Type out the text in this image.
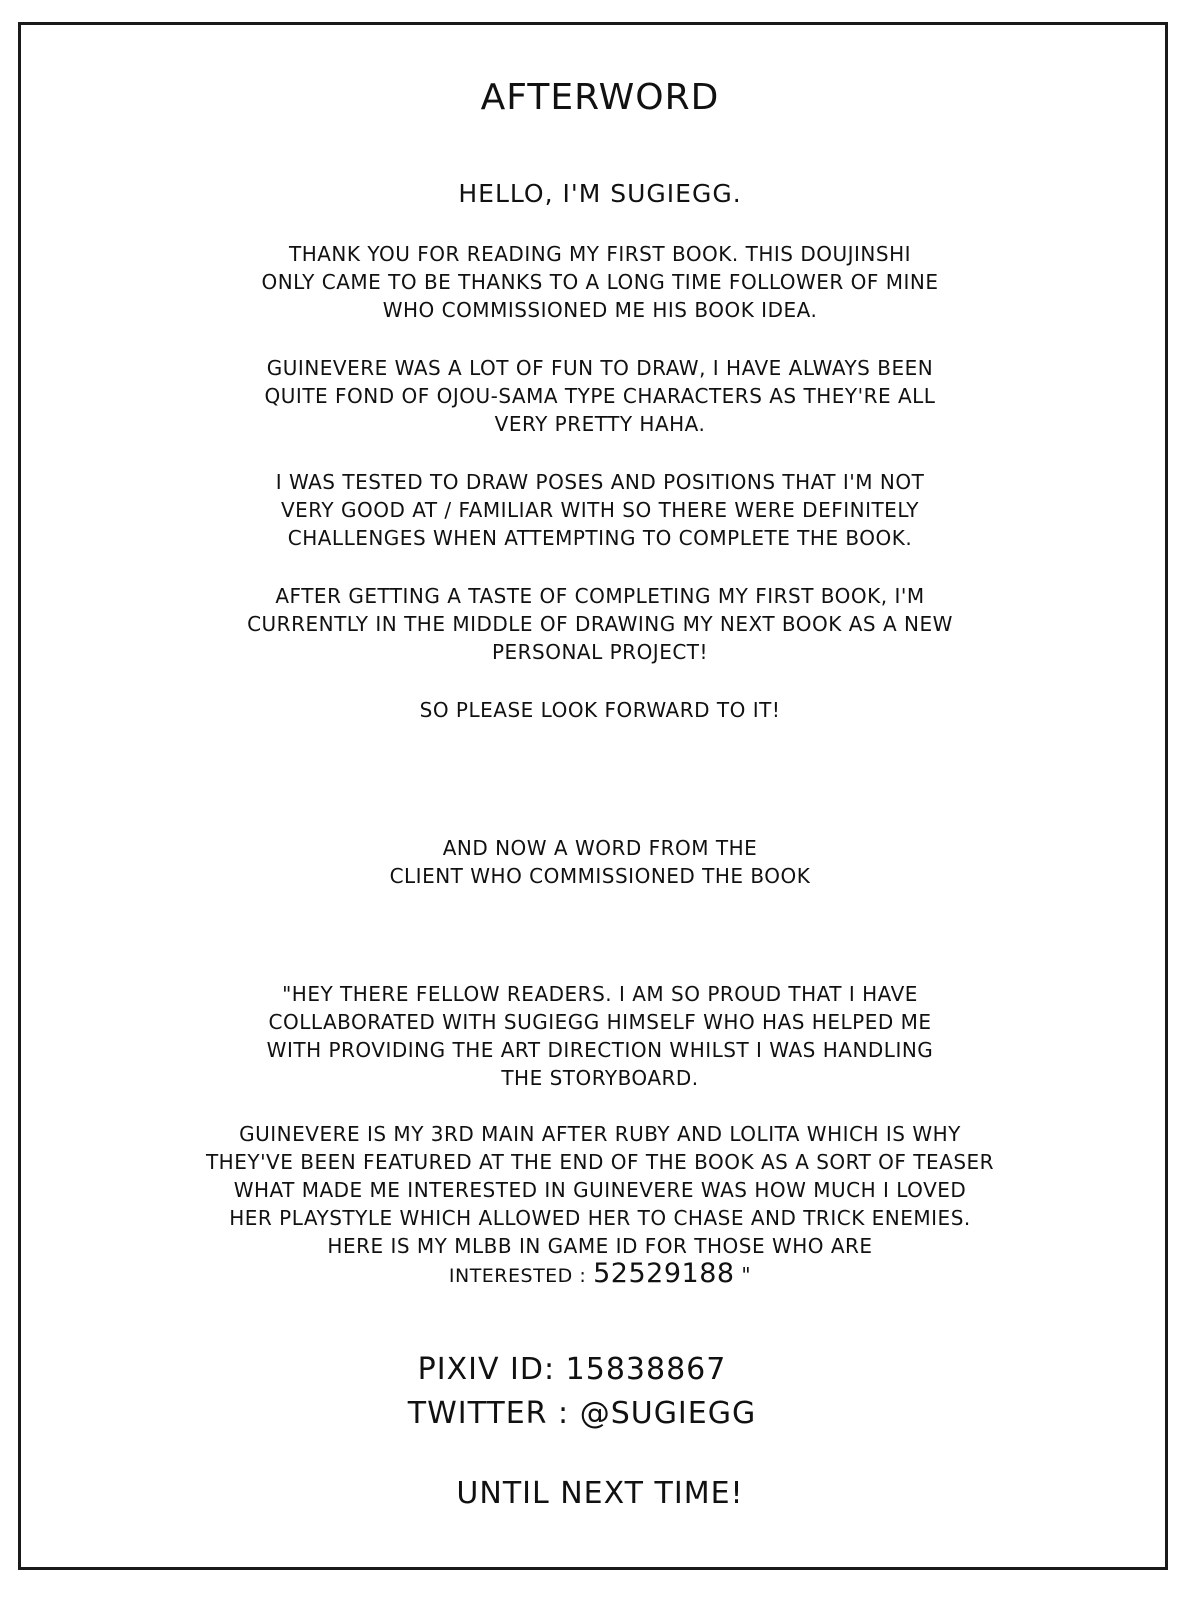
AFTERWORD
HELLO, I'M SUGIEGG.
THANK YOU FOR READING MY FIRST BOOK. THIS DOUJINSHI
ONLY CAME TO BE THANKS TO A LONG TIME FOLLOWER OF MINE
WHO COMMISSIONED ME HIS BOOK IDEA.
GUINEVERE WAS A LOT OF FUN TO DRAW, I HAVE ALWAYS BEEN
QUITE FOND OF OJOU-SAMA TYPE CHARACTERS AS THEY'RE ALL
VERY PRETTY HAHA.
I WAS TESTED TO DRAW POSES AND POSITIONS THAT I'M NOT
VERY GOOD AT / FAMILIAR WITH SO THERE WERE DEFINITELY
CHALLENGES WHEN ATTEMPTING TO COMPLETE THE BOOK.
AFTER GETTING A TASTE OF COMPLETING MY FIRST BOOK, I'M
CURRENTLY IN THE MIDDLE OF DRAWING MY NEXT BOOK AS A NEW
PERSONAL PROJECT!
SO PLEASE LOOK FORWARD TO IT!
AND NOW A WORD FROM THE
CLIENT WHO COMMISSIONED THE BOOK
"HEY THERE FELLOW READERS. I AM SO PROUD THAT I HAVE
COLLABORATED WITH SUGIEGG HIMSELF WHO HAS HELPED ME
WITH PROVIDING THE ART DIRECTION WHILST I WAS HANDLING
THE STORYBOARD.
GUINEVERE IS MY 3RD MAIN AFTER RUBY AND LOLITA WHICH IS WHY
THEY'VE BEEN FEATURED AT THE END OF THE BOOK AS A SORT OF TEASER
WHAT MADE ME INTERESTED IN GUINEVERE WAS HOW MUCH I LOVED
HER PLAYSTYLE WHICH ALLOWED HER TO CHASE AND TRICK ENEMIES.
HERE IS MY MLBB IN GAME ID FOR THOSE WHO ARE
INTERESTED : 52529188 "
PIXIV ID: 15838867
TWITTER : @SUGIEGG
UNTIL NEXT TIME!
